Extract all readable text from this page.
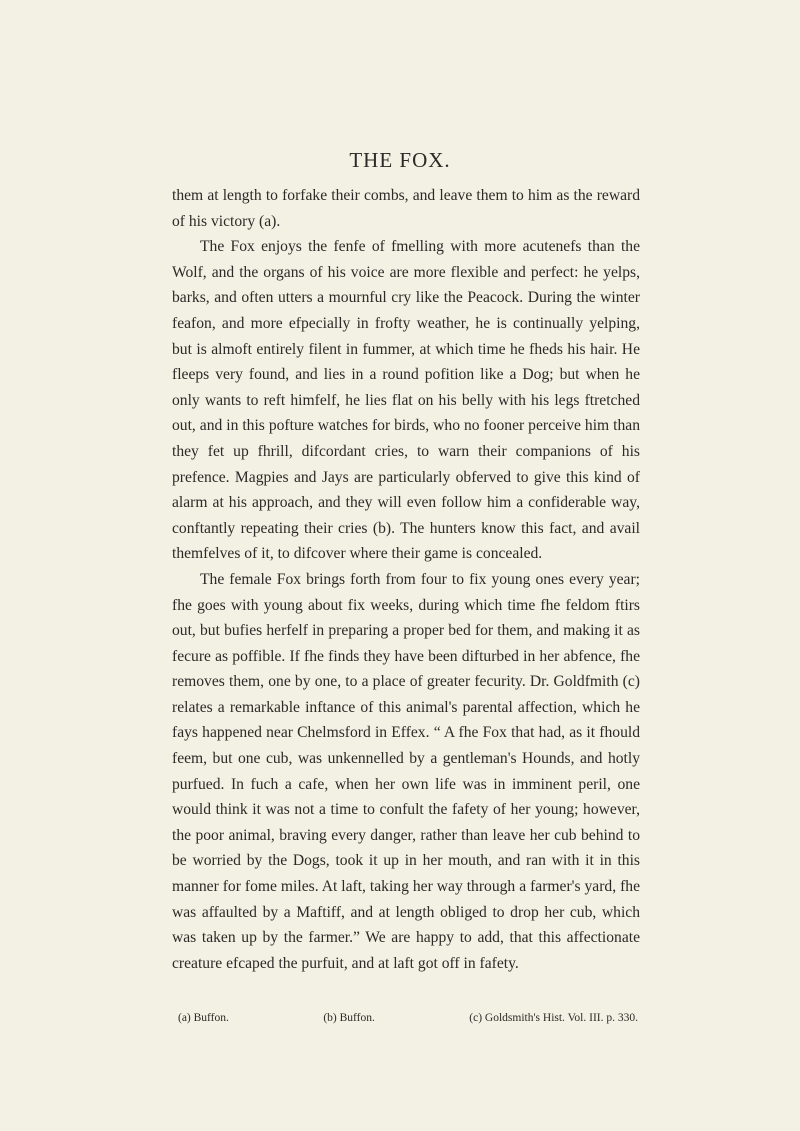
THE FOX.

them at length to forfake their combs, and leave them to him as the reward of his victory (a).

The Fox enjoys the fenfe of fmelling with more acutenefs than the Wolf, and the organs of his voice are more flexible and perfect: he yelps, barks, and often utters a mournful cry like the Peacock. During the winter feafon, and more efpecially in frofty weather, he is continually yelping, but is almoft entirely filent in fummer, at which time he fheds his hair. He fleeps very found, and lies in a round pofition like a Dog; but when he only wants to reft himfelf, he lies flat on his belly with his legs ftretched out, and in this pofture watches for birds, who no fooner perceive him than they fet up fhrill, difcordant cries, to warn their companions of his prefence. Magpies and Jays are particularly obferved to give this kind of alarm at his approach, and they will even follow him a confiderable way, conftantly repeating their cries (b). The hunters know this fact, and avail themfelves of it, to difcover where their game is concealed.

The female Fox brings forth from four to fix young ones every year; fhe goes with young about fix weeks, during which time fhe feldom ftirs out, but bufies herfelf in preparing a proper bed for them, and making it as fecure as poffible. If fhe finds they have been difturbed in her abfence, fhe removes them, one by one, to a place of greater fecurity. Dr. Goldfmith (c) relates a remarkable inftance of this animal's parental affection, which he fays happened near Chelmsford in Effex. “ A fhe Fox that had, as it fhould feem, but one cub, was unkennelled by a gentleman's Hounds, and hotly purfued. In fuch a cafe, when her own life was in imminent peril, one would think it was not a time to confult the fafety of her young; however, the poor animal, braving every danger, rather than leave her cub behind to be worried by the Dogs, took it up in her mouth, and ran with it in this manner for fome miles. At laft, taking her way through a farmer's yard, fhe was affaulted by a Maftiff, and at length obliged to drop her cub, which was taken up by the farmer.” We are happy to add, that this affectionate creature efcaped the purfuit, and at laft got off in fafety.

(a) Buffon.	(b) Buffon.	(c) Goldsmith's Hist. Vol. III. p. 330.
